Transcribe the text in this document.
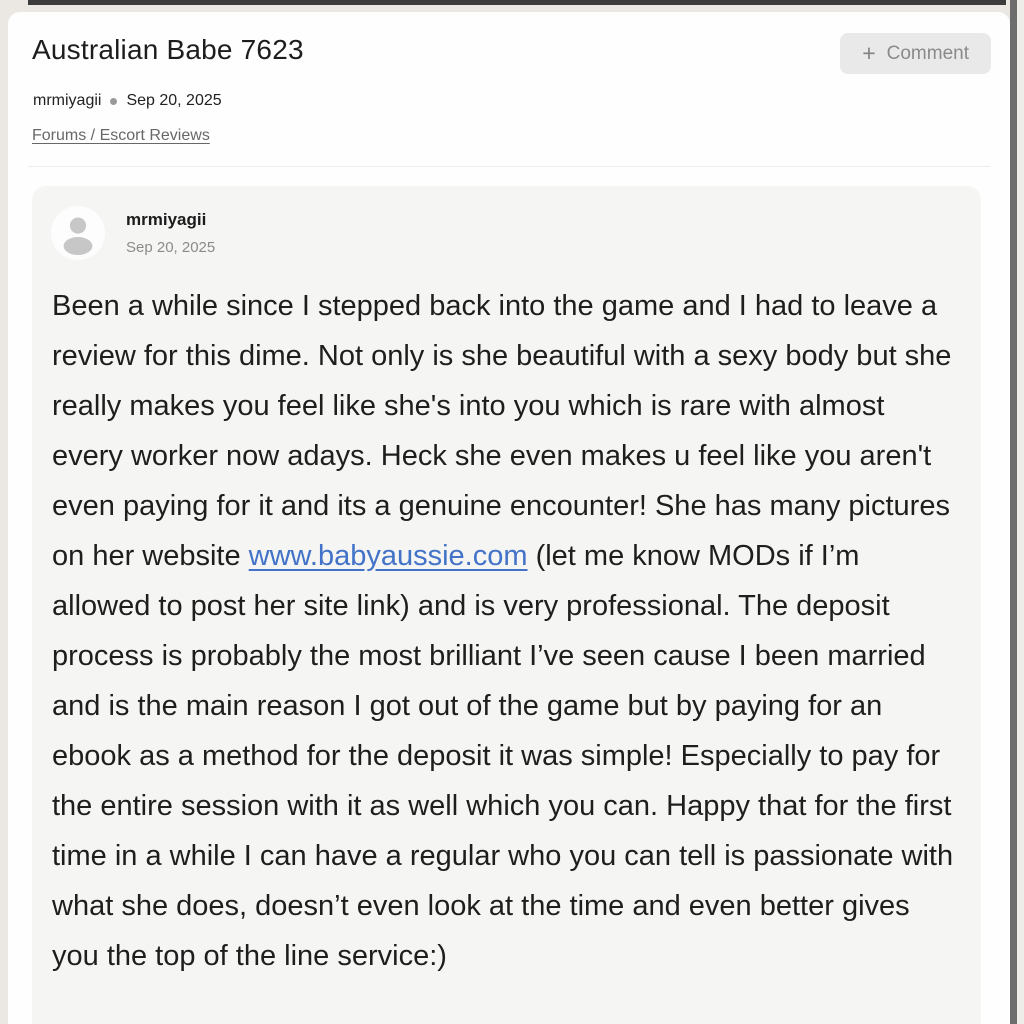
Australian Babe 7623	+ Comment
mrmiyagii Sep 20, 2025
Forums / Escort Reviews
mrmiyagii
Sep 20, 2025
Been a while since I stepped back into the game and I had to leave a review for this dime. Not only is she beautiful with a sexy body but she really makes you feel like she's into you which is rare with almost every worker now adays. Heck she even makes u feel like you aren't even paying for it and its a genuine encounter! She has many pictures on her website www.babyaussie.com (let me know MODs if I’m allowed to post her site link) and is very professional. The deposit process is probably the most brilliant I’ve seen cause I been married and is the main reason I got out of the game but by paying for an ebook as a method for the deposit it was simple! Especially to pay for the entire session with it as well which you can. Happy that for the first time in a while I can have a regular who you can tell is passionate with what she does, doesn’t even look at the time and even better gives you the top of the line service:)
